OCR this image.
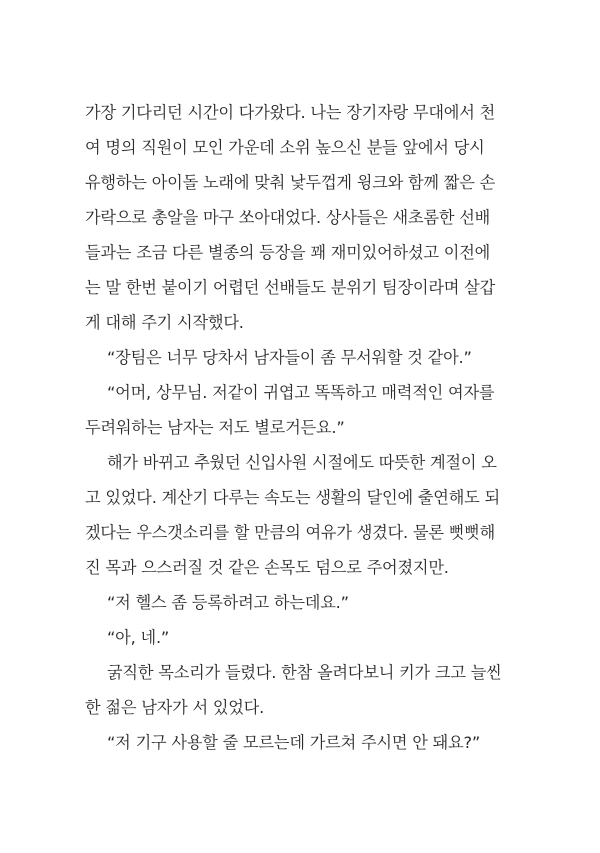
가장 기다리던 시간이 다가왔다. 나는 장기자랑 무대에서 천
여 명의 직원이 모인 가운데 소위 높으신 분들 앞에서 당시
유행하는 아이돌 노래에 맞춰 낯두껍게 윙크와 함께 짧은 손
가락으로 총알을 마구 쏘아대었다. 상사들은 새초롬한 선배
들과는 조금 다른 별종의 등장을 꽤 재미있어하셨고 이전에
는 말 한번 붙이기 어렵던 선배들도 분위기 팀장이라며 살갑
게 대해 주기 시작했다.
“장팀은 너무 당차서 남자들이 좀 무서워할 것 같아.”
“어머, 상무님. 저같이 귀엽고 똑똑하고 매력적인 여자를
두려워하는 남자는 저도 별로거든요.”
해가 바뀌고 추웠던 신입사원 시절에도 따뜻한 계절이 오
고 있었다. 계산기 다루는 속도는 생활의 달인에 출연해도 되
겠다는 우스갯소리를 할 만큼의 여유가 생겼다. 물론 뻣뻣해
진 목과 으스러질 것 같은 손목도 덤으로 주어졌지만.
“저 헬스 좀 등록하려고 하는데요.”
“아, 네.”
굵직한 목소리가 들렸다. 한참 올려다보니 키가 크고 늘씬
한 젊은 남자가 서 있었다.
“저 기구 사용할 줄 모르는데 가르쳐 주시면 안 돼요?”
